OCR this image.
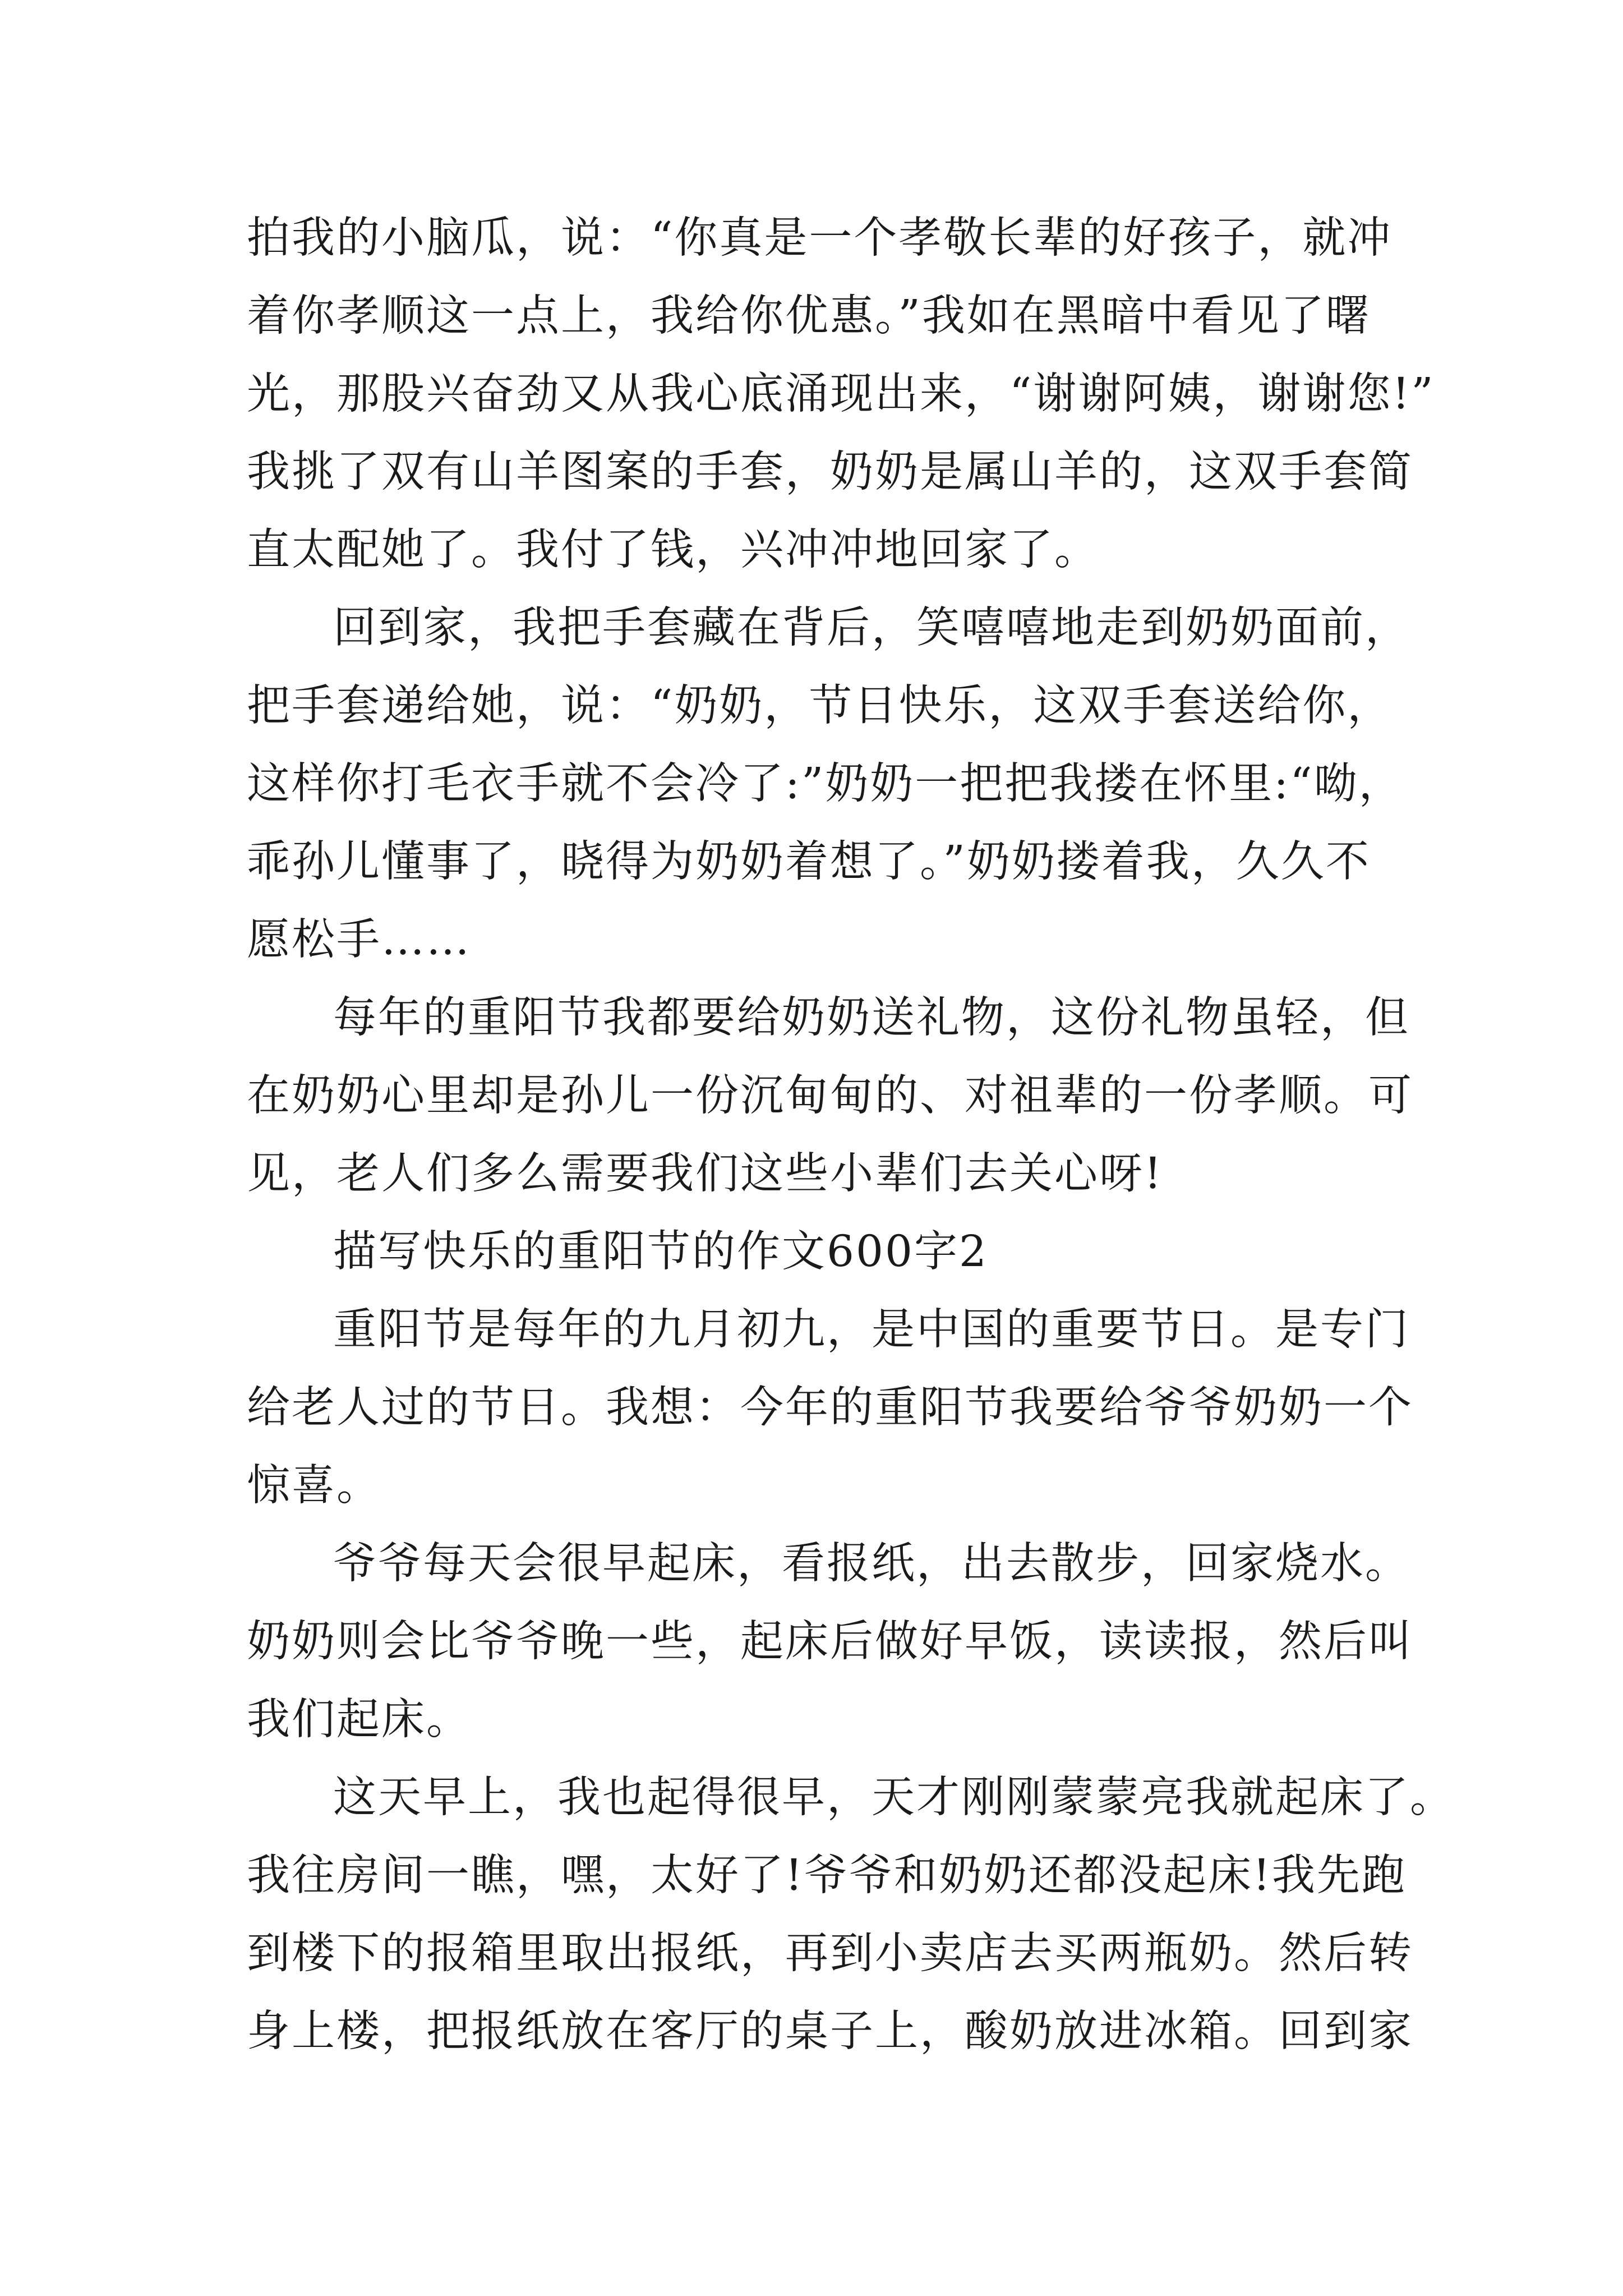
拍我的小脑瓜，说：“你真是一个孝敬长辈的好孩子，就冲
着你孝顺这一点上，我给你优惠。”我如在黑暗中看见了曙
光，那股兴奋劲又从我心底涌现出来，“谢谢阿姨，谢谢您!”
我挑了双有山羊图案的手套，奶奶是属山羊的，这双手套简
直太配她了。我付了钱，兴冲冲地回家了。

回到家，我把手套藏在背后，笑嘻嘻地走到奶奶面前，
把手套递给她，说：“奶奶，节日快乐，这双手套送给你，
这样你打毛衣手就不会冷了:”奶奶一把把我搂在怀里:“呦，
乖孙儿懂事了，晓得为奶奶着想了。”奶奶搂着我，久久不
愿松手……

每年的重阳节我都要给奶奶送礼物，这份礼物虽轻，但
在奶奶心里却是孙儿一份沉甸甸的、对祖辈的一份孝顺。可
见，老人们多么需要我们这些小辈们去关心呀!

描写快乐的重阳节的作文600字2

重阳节是每年的九月初九，是中国的重要节日。是专门
给老人过的节日。我想：今年的重阳节我要给爷爷奶奶一个
惊喜。

爷爷每天会很早起床，看报纸，出去散步，回家烧水。
奶奶则会比爷爷晚一些，起床后做好早饭，读读报，然后叫
我们起床。

这天早上，我也起得很早，天才刚刚蒙蒙亮我就起床了。
我往房间一瞧，嘿，太好了!爷爷和奶奶还都没起床!我先跑
到楼下的报箱里取出报纸，再到小卖店去买两瓶奶。然后转
身上楼，把报纸放在客厅的桌子上，酸奶放进冰箱。回到家
